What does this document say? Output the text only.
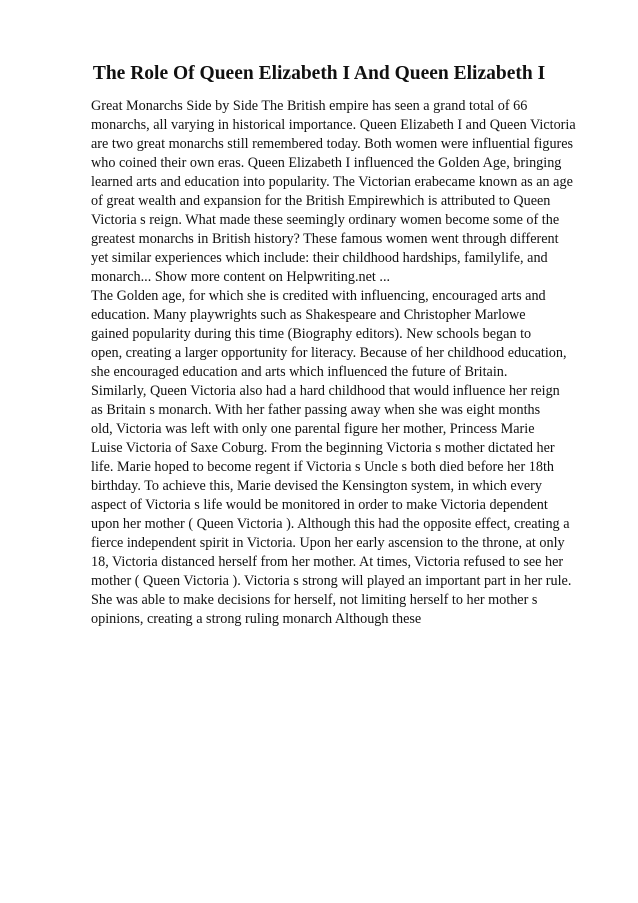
The Role Of Queen Elizabeth I And Queen Elizabeth I
Great Monarchs Side by Side The British empire has seen a grand total of 66
monarchs, all varying in historical importance. Queen Elizabeth I and Queen Victoria
are two great monarchs still remembered today. Both women were influential figures
who coined their own eras. Queen Elizabeth I influenced the Golden Age, bringing
learned arts and education into popularity. The Victorian erabecame known as an age
of great wealth and expansion for the British Empirewhich is attributed to Queen
Victoria s reign. What made these seemingly ordinary women become some of the
greatest monarchs in British history? These famous women went through different
yet similar experiences which include: their childhood hardships, familylife, and
monarch... Show more content on Helpwriting.net ...
The Golden age, for which she is credited with influencing, encouraged arts and
education. Many playwrights such as Shakespeare and Christopher Marlowe
gained popularity during this time (Biography editors). New schools began to
open, creating a larger opportunity for literacy. Because of her childhood education,
she encouraged education and arts which influenced the future of Britain.
Similarly, Queen Victoria also had a hard childhood that would influence her reign
as Britain s monarch. With her father passing away when she was eight months
old, Victoria was left with only one parental figure her mother, Princess Marie
Luise Victoria of Saxe Coburg. From the beginning Victoria s mother dictated her
life. Marie hoped to become regent if Victoria s Uncle s both died before her 18th
birthday. To achieve this, Marie devised the Kensington system, in which every
aspect of Victoria s life would be monitored in order to make Victoria dependent
upon her mother ( Queen Victoria ). Although this had the opposite effect, creating a
fierce independent spirit in Victoria. Upon her early ascension to the throne, at only
18, Victoria distanced herself from her mother. At times, Victoria refused to see her
mother ( Queen Victoria ). Victoria s strong will played an important part in her rule.
She was able to make decisions for herself, not limiting herself to her mother s
opinions, creating a strong ruling monarch Although these
